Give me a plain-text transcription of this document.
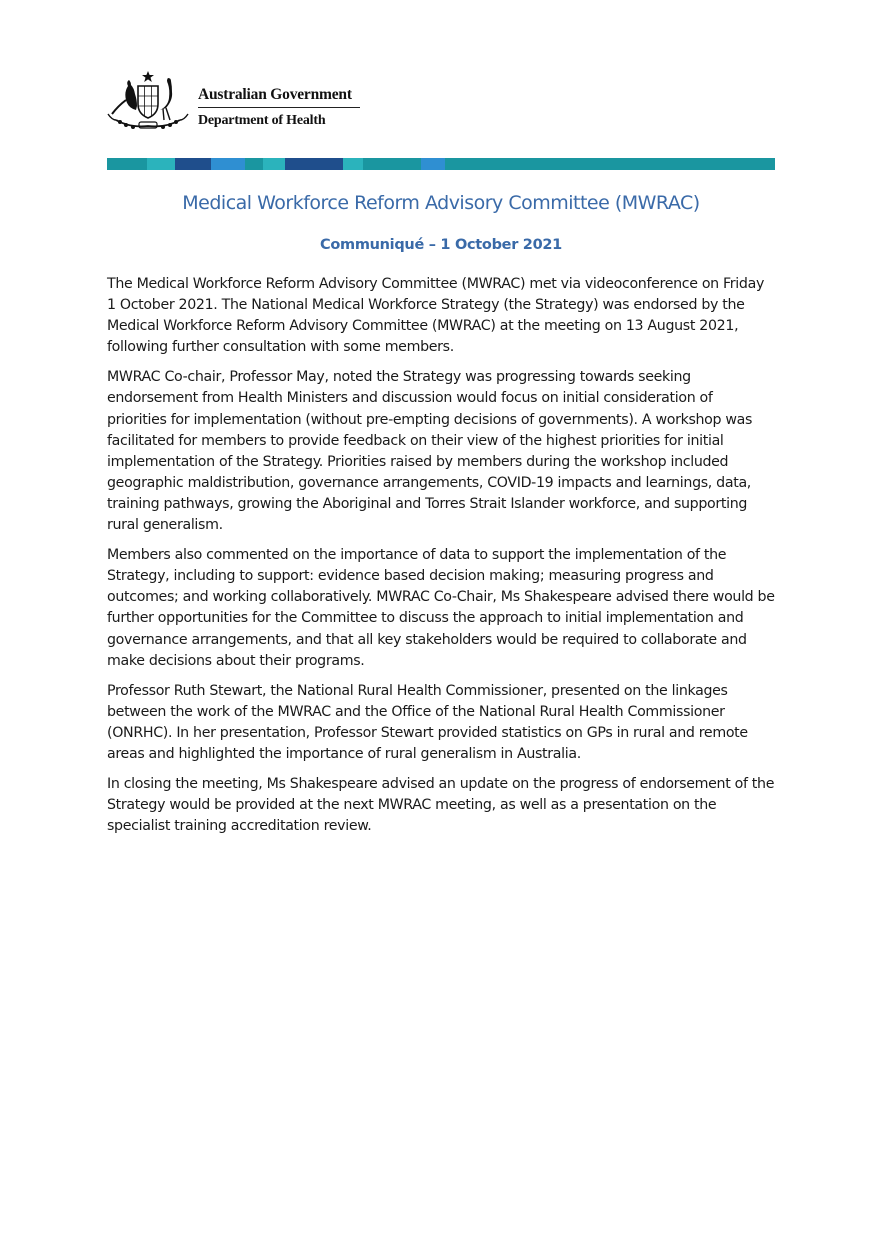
Australian Government
Department of Health
Medical Workforce Reform Advisory Committee (MWRAC)
Communiqué – 1 October 2021

The Medical Workforce Reform Advisory Committee (MWRAC) met via videoconference on Friday 1 October 2021. The National Medical Workforce Strategy (the Strategy) was endorsed by the Medical Workforce Reform Advisory Committee (MWRAC) at the meeting on 13 August 2021, following further consultation with some members.

MWRAC Co-chair, Professor May, noted the Strategy was progressing towards seeking endorsement from Health Ministers and discussion would focus on initial consideration of priorities for implementation (without pre-empting decisions of governments). A workshop was facilitated for members to provide feedback on their view of the highest priorities for initial implementation of the Strategy. Priorities raised by members during the workshop included geographic maldistribution, governance arrangements, COVID-19 impacts and learnings, data, training pathways, growing the Aboriginal and Torres Strait Islander workforce, and supporting rural generalism.

Members also commented on the importance of data to support the implementation of the Strategy, including to support: evidence based decision making; measuring progress and outcomes; and working collaboratively. MWRAC Co-Chair, Ms Shakespeare advised there would be further opportunities for the Committee to discuss the approach to initial implementation and governance arrangements, and that all key stakeholders would be required to collaborate and make decisions about their programs.

Professor Ruth Stewart, the National Rural Health Commissioner, presented on the linkages between the work of the MWRAC and the Office of the National Rural Health Commissioner (ONRHC). In her presentation, Professor Stewart provided statistics on GPs in rural and remote areas and highlighted the importance of rural generalism in Australia.

In closing the meeting, Ms Shakespeare advised an update on the progress of endorsement of the Strategy would be provided at the next MWRAC meeting, as well as a presentation on the specialist training accreditation review.
